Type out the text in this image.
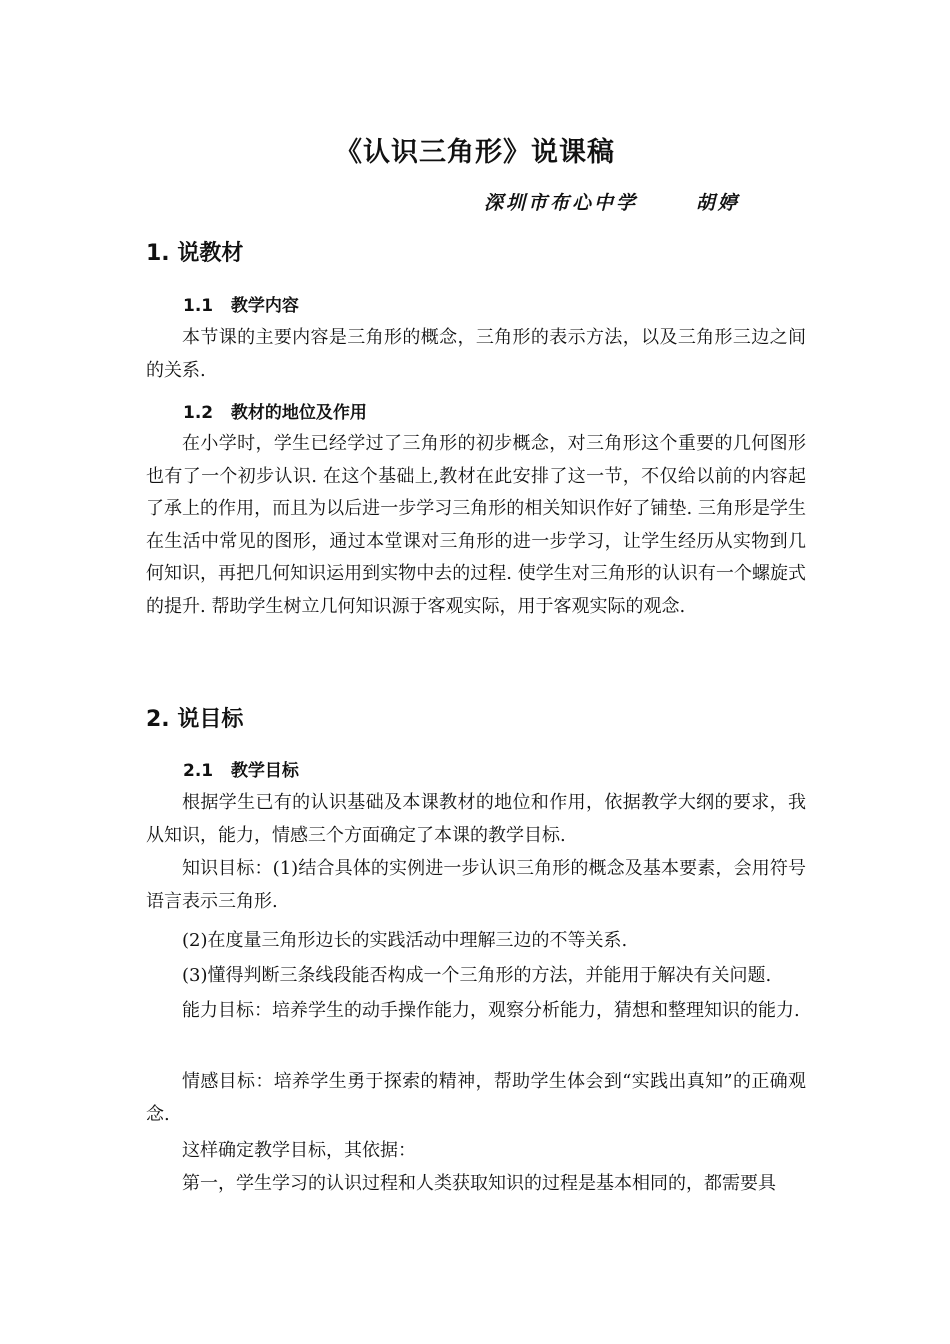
《认识三角形》说课稿
深圳市布心中学      胡婷
1. 说教材
1.1   教学内容

本节课的主要内容是三角形的概念，三角形的表示方法，以及三角形三边之间的关系.

1.2   教材的地位及作用

在小学时，学生已经学过了三角形的初步概念，对三角形这个重要的几何图形也有了一个初步认识. 在这个基础上,教材在此安排了这一节，不仅给以前的内容起了承上的作用，而且为以后进一步学习三角形的相关知识作好了铺垫. 三角形是学生在生活中常见的图形，通过本堂课对三角形的进一步学习，让学生经历从实物到几何知识，再把几何知识运用到实物中去的过程. 使学生对三角形的认识有一个螺旋式的提升. 帮助学生树立几何知识源于客观实际，用于客观实际的观念.

2. 说目标
2.1   教学目标

根据学生已有的认识基础及本课教材的地位和作用，依据教学大纲的要求，我从知识，能力，情感三个方面确定了本课的教学目标.

知识目标：(1)结合具体的实例进一步认识三角形的概念及基本要素，会用符号语言表示三角形.

(2)在度量三角形边长的实践活动中理解三边的不等关系.

(3)懂得判断三条线段能否构成一个三角形的方法，并能用于解决有关问题.

能力目标：培养学生的动手操作能力，观察分析能力，猜想和整理知识的能力.

情感目标：培养学生勇于探索的精神，帮助学生体会到“实践出真知”的正确观念.

这样确定教学目标，其依据：

第一，学生学习的认识过程和人类获取知识的过程是基本相同的，都需要具
